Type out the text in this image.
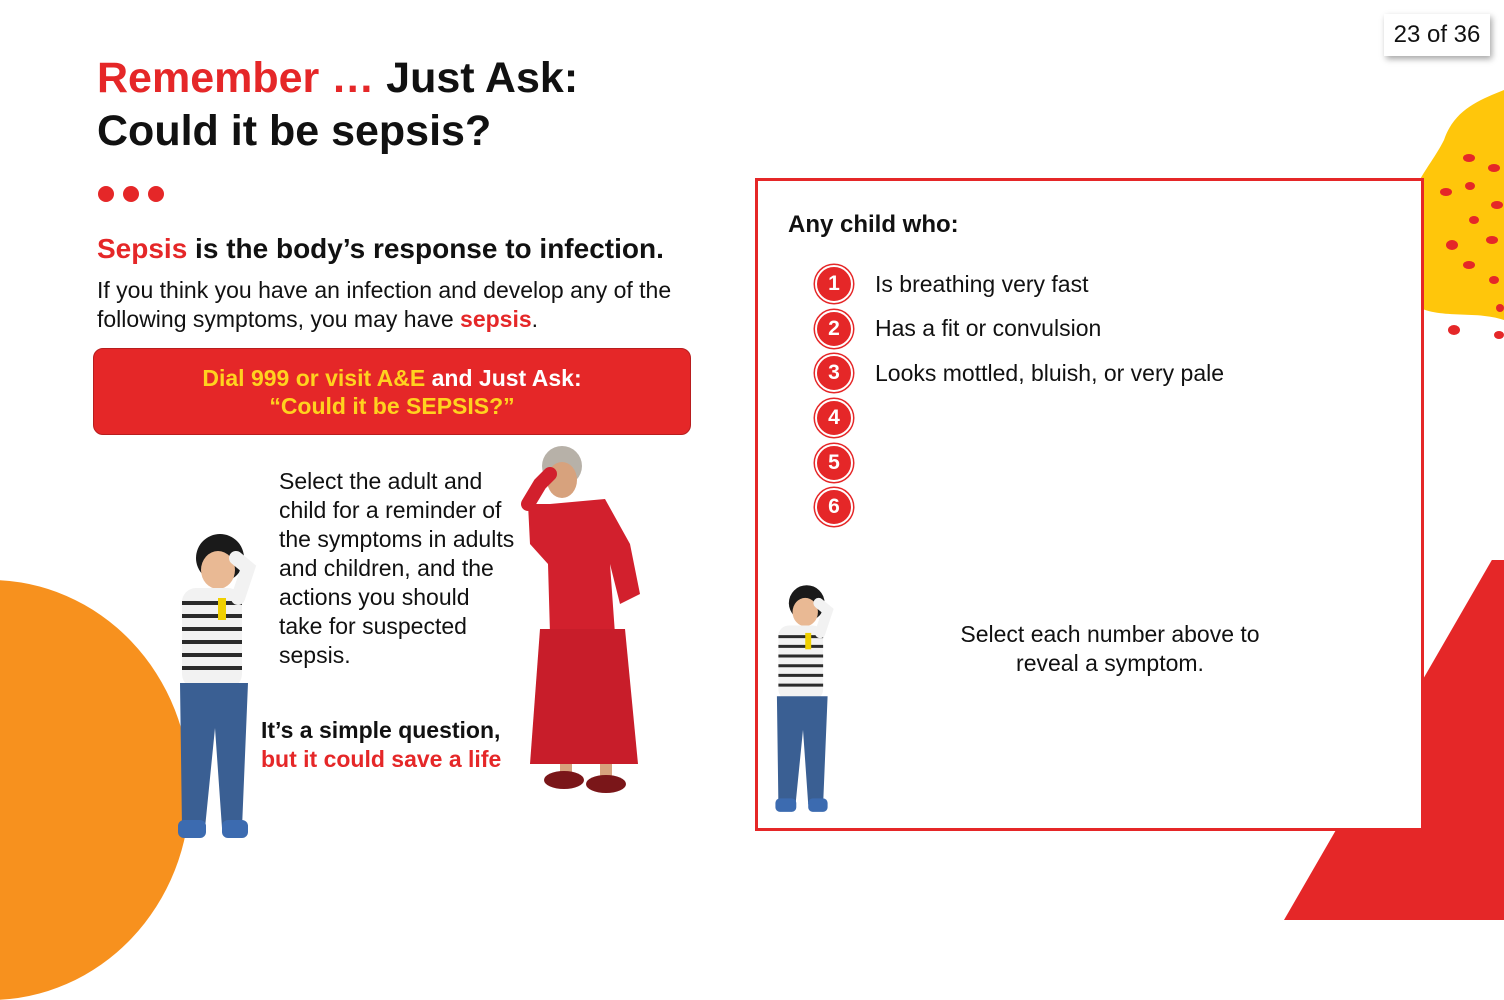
23 of 36
Remember … Just Ask:
Could it be sepsis?
Sepsis is the body’s response to infection.
If you think you have an infection and develop any of the following symptoms, you may have sepsis.
Dial 999 or visit A&E and Just Ask:
“Could it be SEPSIS?”
Select the adult and child for a reminder of the symptoms in adults and children, and the actions you should take for suspected sepsis.
It’s a simple question,
but it could save a life
Any child who:
1	Is breathing very fast
2	Has a fit or convulsion
3	Looks mottled, bluish, or very pale
4
5
6
Select each number above to reveal a symptom.
